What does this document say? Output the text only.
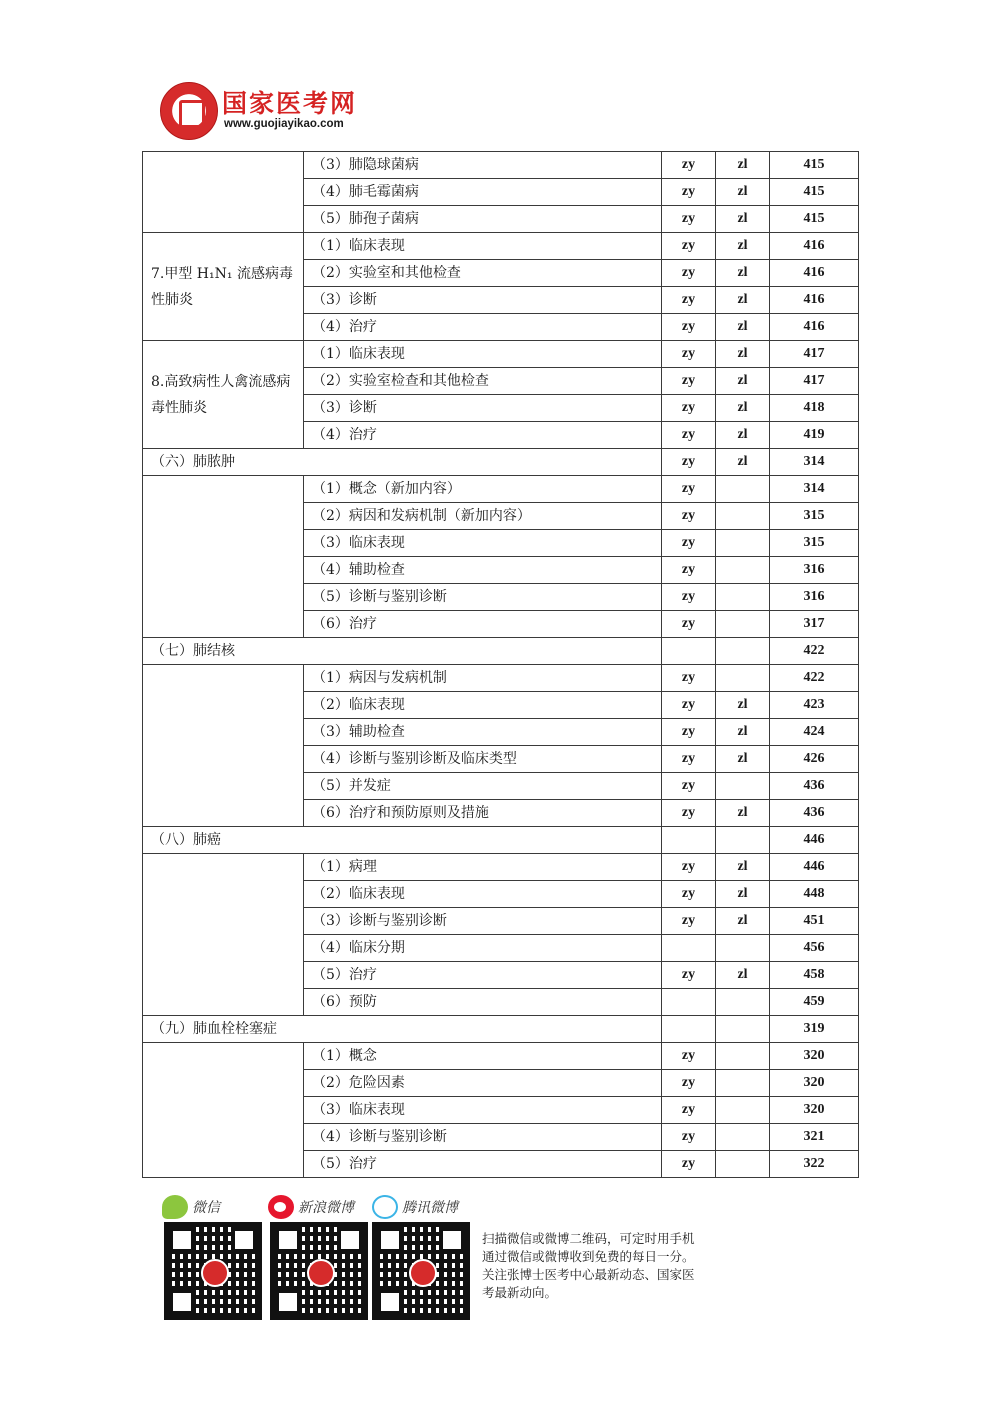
国家医考网
www.guojiayikao.com
	（3）肺隐球菌病	zy	zl	415
	（4）肺毛霉菌病	zy	zl	415
	（5）肺孢子菌病	zy	zl	415
7.甲型 H₁N₁ 流感病毒性肺炎	（1）临床表现	zy	zl	416
	（2）实验室和其他检查	zy	zl	416
	（3）诊断	zy	zl	416
	（4）治疗	zy	zl	416
8.高致病性人禽流感病毒性肺炎	（1）临床表现	zy	zl	417
	（2）实验室检查和其他检查	zy	zl	417
	（3）诊断	zy	zl	418
	（4）治疗	zy	zl	419
（六）肺脓肿		zy	zl	314
	（1）概念（新加内容）	zy		314
	（2）病因和发病机制（新加内容）	zy		315
	（3）临床表现	zy		315
	（4）辅助检查	zy		316
	（5）诊断与鉴别诊断	zy		316
	（6）治疗	zy		317
（七）肺结核				422
	（1）病因与发病机制	zy		422
	（2）临床表现	zy	zl	423
	（3）辅助检查	zy	zl	424
	（4）诊断与鉴别诊断及临床类型	zy	zl	426
	（5）并发症	zy		436
	（6）治疗和预防原则及措施	zy	zl	436
（八）肺癌				446
	（1）病理	zy	zl	446
	（2）临床表现	zy	zl	448
	（3）诊断与鉴别诊断	zy	zl	451
	（4）临床分期			456
	（5）治疗	zy	zl	458
	（6）预防			459
（九）肺血栓栓塞症				319
	（1）概念	zy		320
	（2）危险因素	zy		320
	（3）临床表现	zy		320
	（4）诊断与鉴别诊断	zy		321
	（5）治疗	zy		322
微信	新浪微博	腾讯微博
扫描微信或微博二维码，可定时用手机通过微信或微博收到免费的每日一分。关注张博士医考中心最新动态、国家医考最新动向。
